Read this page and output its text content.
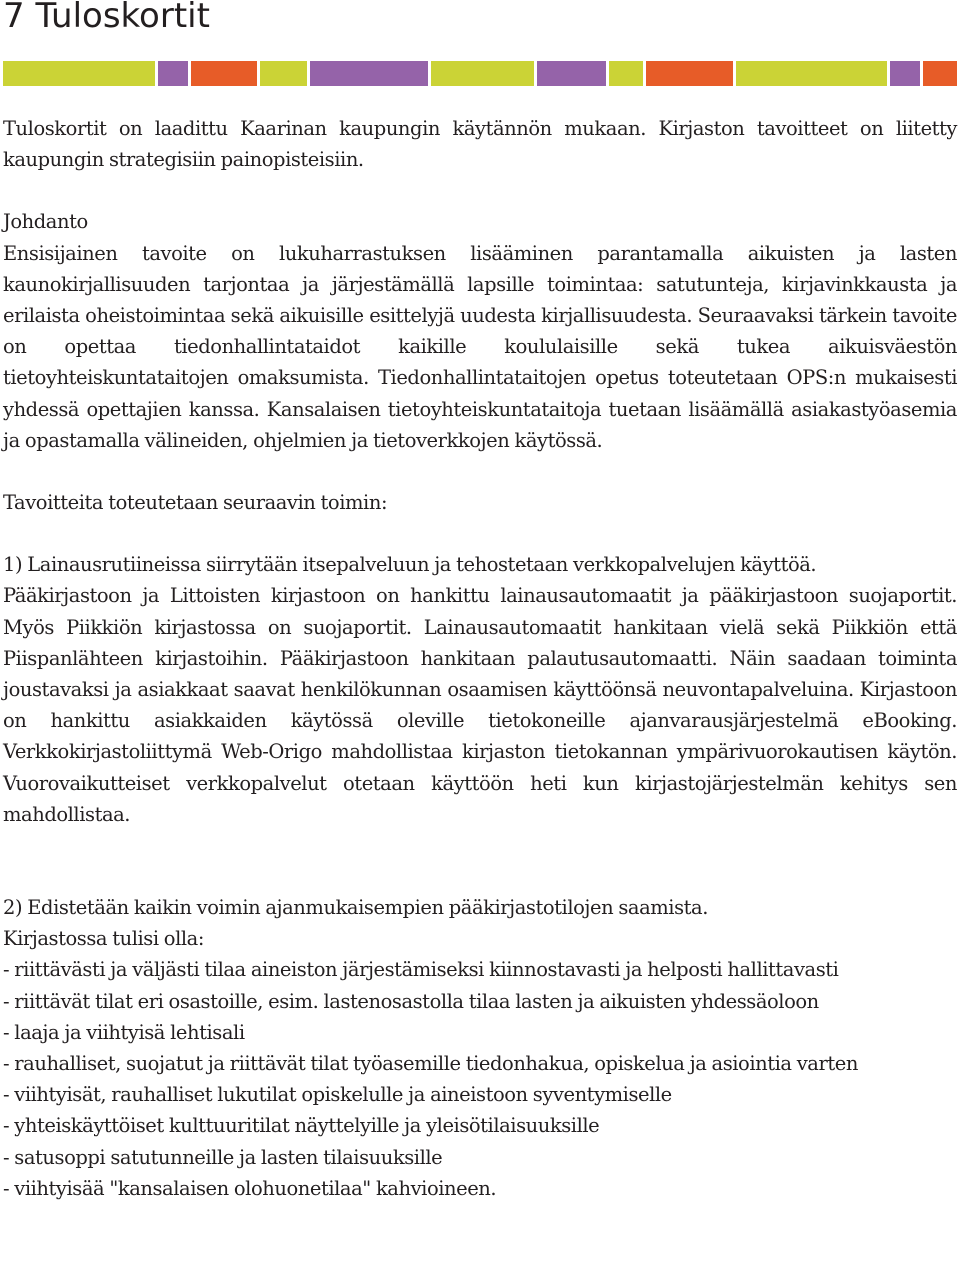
7 Tuloskortit

Tuloskortit on laadittu Kaarinan kaupungin käytännön mukaan. Kirjaston tavoitteet on liitetty kaupungin strategisiin painopisteisiin.

Johdanto

Ensisijainen tavoite on lukuharrastuksen lisääminen parantamalla aikuisten ja lasten kaunokirjallisuuden tarjontaa ja järjestämällä lapsille toimintaa: satutunteja, kirjavinkkausta ja erilaista oheistoimintaa sekä aikuisille esittelyjä uudesta kirjallisuudesta. Seuraavaksi tärkein tavoite on opettaa tiedonhallintataidot kaikille koululaisille sekä tukea aikuisväestön tietoyhteiskuntataitojen omaksumista. Tiedonhallintataitojen opetus toteutetaan OPS:n mukaisesti yhdessä opettajien kanssa. Kansalaisen tietoyhteiskuntataitoja tuetaan lisäämällä asiakastyöasemia ja opastamalla välineiden, ohjelmien ja tietoverkkojen käytössä.

Tavoitteita toteutetaan seuraavin toimin:

1) Lainausrutiineissa siirrytään itsepalveluun ja tehostetaan verkkopalvelujen käyttöä.

Pääkirjastoon ja Littoisten kirjastoon on hankittu lainausautomaatit ja pääkirjastoon suojaportit. Myös Piikkiön kirjastossa on suojaportit. Lainausautomaatit hankitaan vielä sekä Piikkiön että Piispanlähteen kirjastoihin. Pääkirjastoon hankitaan palautusautomaatti. Näin saadaan toiminta joustavaksi ja asiakkaat saavat henkilökunnan osaamisen käyttöönsä neuvontapalveluina. Kirjastoon on hankittu asiakkaiden käytössä oleville tietokoneille ajanvarausjärjestelmä eBooking. Verkkokirjastoliittymä Web-Origo mahdollistaa kirjaston tietokannan ympärivuorokautisen käytön. Vuorovaikutteiset verkkopalvelut otetaan käyttöön heti kun kirjastojärjestelmän kehitys sen mahdollistaa.

2) Edistetään kaikin voimin ajanmukaisempien pääkirjastotilojen saamista.

Kirjastossa tulisi olla:

- riittävästi ja väljästi tilaa aineiston järjestämiseksi kiinnostavasti ja helposti hallittavasti
- riittävät tilat eri osastoille, esim. lastenosastolla tilaa lasten ja aikuisten yhdessäoloon
- laaja ja viihtyisä lehtisali
- rauhalliset, suojatut ja riittävät tilat työasemille tiedonhakua, opiskelua ja asiointia varten
- viihtyisät, rauhalliset lukutilat opiskelulle ja aineistoon syventymiselle
- yhteiskäyttöiset kulttuuritilat näyttelyille ja yleisötilaisuuksille
- satusoppi satutunneille ja lasten tilaisuuksille
- viihtyisää "kansalaisen olohuonetilaa" kahvioineen.
